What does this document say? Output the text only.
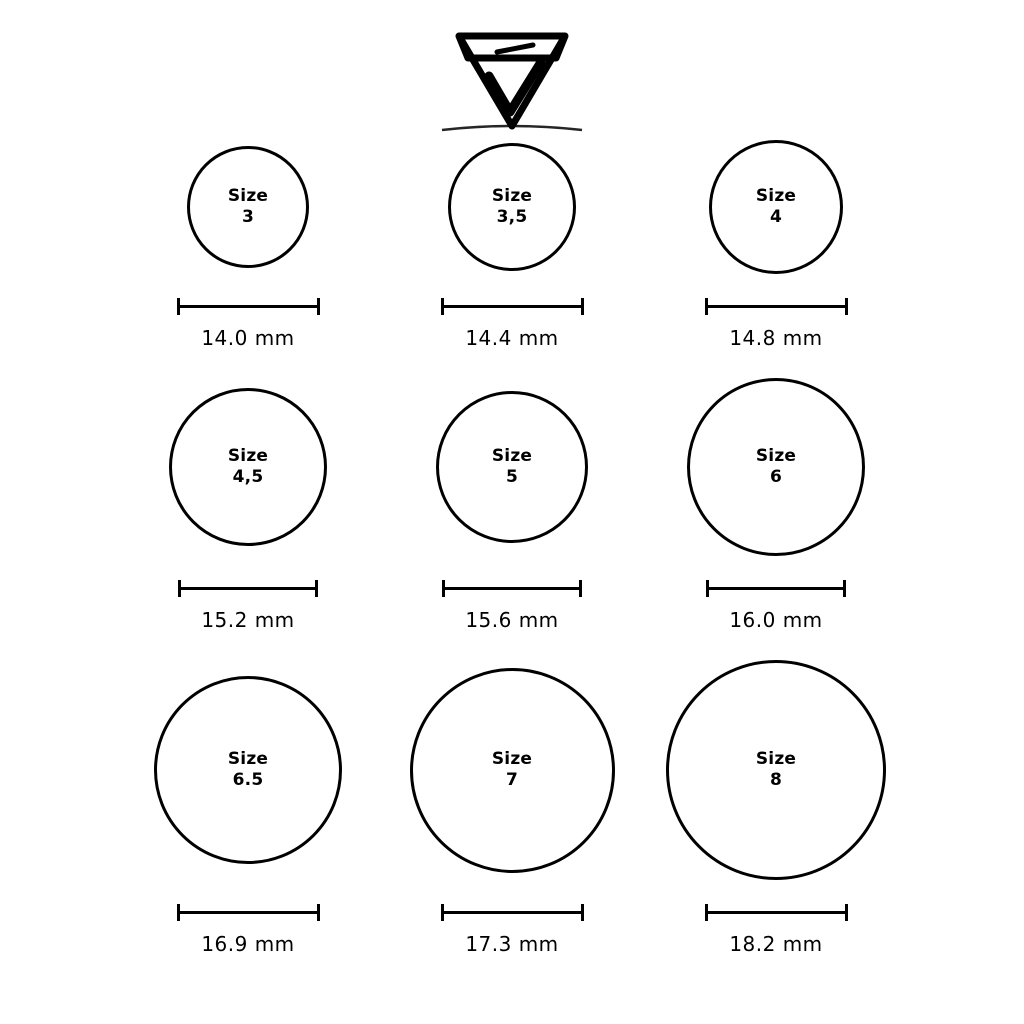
Size
3
14.0 mm
Size
3,5
14.4 mm
Size
4
14.8 mm
Size
4,5
15.2 mm
Size
5
15.6 mm
Size
6
16.0 mm
Size
6.5
16.9 mm
Size
7
17.3 mm
Size
8
18.2 mm
